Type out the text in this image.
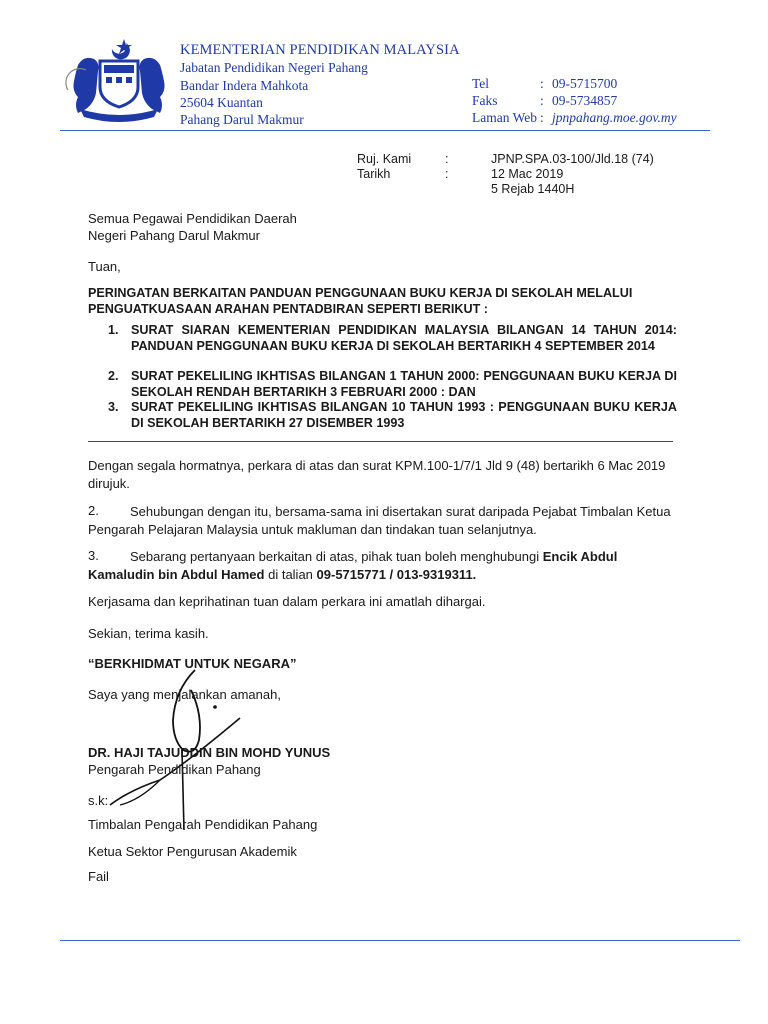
KEMENTERIAN PENDIDIKAN MALAYSIA
Jabatan Pendidikan Negeri Pahang
Bandar Indera Mahkota
25604 Kuantan
Pahang Darul Makmur
Tel	: 09-5715700
Faks	: 09-5734857
Laman Web : jpnpahang.moe.gov.my
Ruj. Kami	:	JPNP.SPA.03-100/Jld.18 (74)
Tarikh	:	12 Mac 2019
5 Rejab 1440H
Semua Pegawai Pendidikan Daerah
Negeri Pahang Darul Makmur
Tuan,
PERINGATAN BERKAITAN PANDUAN PENGGUNAAN BUKU KERJA DI SEKOLAH MELALUI PENGUATKUASAAN ARAHAN PENTADBIRAN SEPERTI BERIKUT :
1. SURAT SIARAN KEMENTERIAN PENDIDIKAN MALAYSIA BILANGAN 14 TAHUN 2014: PANDUAN PENGGUNAAN BUKU KERJA DI SEKOLAH BERTARIKH 4 SEPTEMBER 2014
2. SURAT PEKELILING IKHTISAS BILANGAN 1 TAHUN 2000: PENGGUNAAN BUKU KERJA DI SEKOLAH RENDAH BERTARIKH 3 FEBRUARI 2000 : DAN
3. SURAT PEKELILING IKHTISAS BILANGAN 10 TAHUN 1993 : PENGGUNAAN BUKU KERJA DI SEKOLAH BERTARIKH 27 DISEMBER 1993
Dengan segala hormatnya, perkara di atas dan surat KPM.100-1/7/1 Jld 9 (48) bertarikh 6 Mac 2019 dirujuk.
2.	Sehubungan dengan itu, bersama-sama ini disertakan surat daripada Pejabat Timbalan Ketua Pengarah Pelajaran Malaysia untuk makluman dan tindakan tuan selanjutnya.
3.	Sebarang pertanyaan berkaitan di atas, pihak tuan boleh menghubungi Encik Abdul Kamaludin bin Abdul Hamed di talian 09-5715771 / 013-9319311.
Kerjasama dan keprihatinan tuan dalam perkara ini amatlah dihargai.
Sekian, terima kasih.
“BERKHIDMAT UNTUK NEGARA”
Saya yang menjalankan amanah,
DR. HAJI TAJUDDIN BIN MOHD YUNUS
Pengarah Pendidikan Pahang
s.k:
Timbalan Pengarah Pendidikan Pahang
Ketua Sektor Pengurusan Akademik
Fail
